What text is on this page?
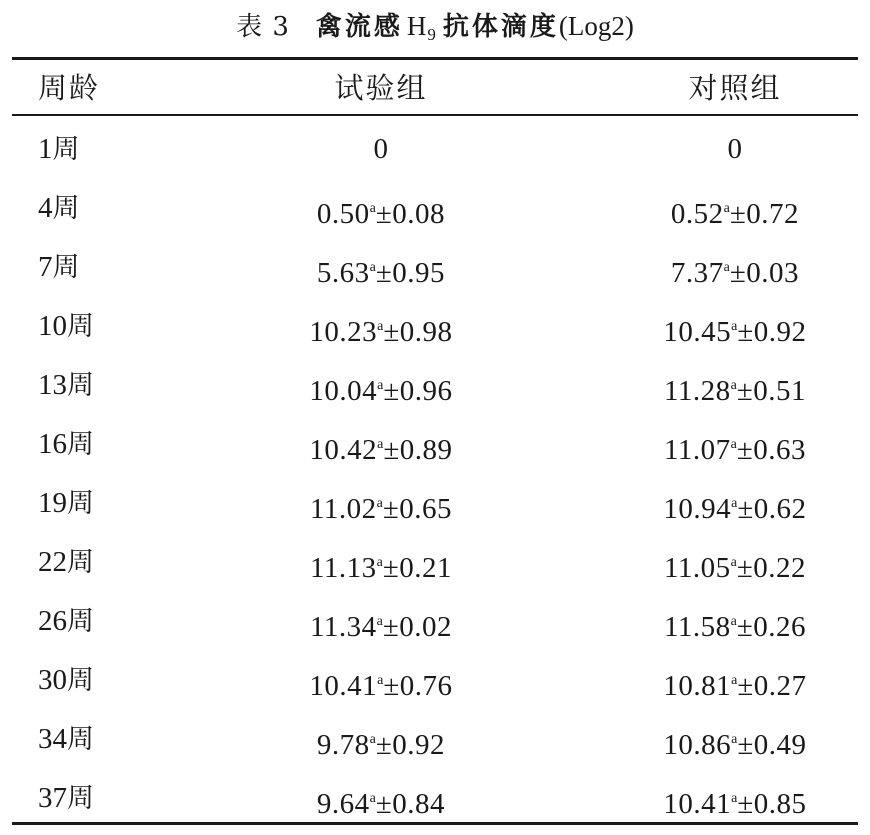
表 3 禽流感 H9 抗体滴度(Log2)
周龄	试验组	对照组
1周	0	0
4周	0.50$^a$±0.08	0.52$^a$±0.72
7周	5.63$^a$±0.95	7.37$^a$±0.03
10周	10.23$^a$±0.98	10.45$^a$±0.92
13周	10.04$^a$±0.96	11.28$^a$±0.51
16周	10.42$^a$±0.89	11.07$^a$±0.63
19周	11.02$^a$±0.65	10.94$^a$±0.62
22周	11.13$^a$±0.21	11.05$^a$±0.22
26周	11.34$^a$±0.02	11.58$^a$±0.26
30周	10.41$^a$±0.76	10.81$^a$±0.27
34周	9.78$^a$±0.92	10.86$^a$±0.49
37周	9.64$^a$±0.84	10.41$^a$±0.85
